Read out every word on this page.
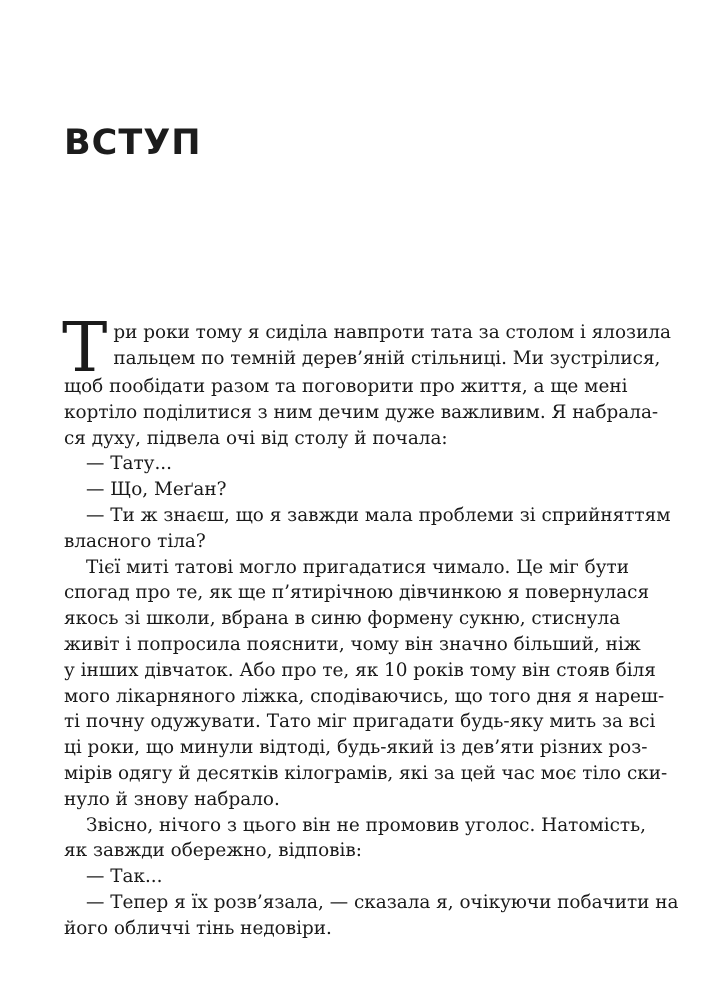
ВСТУП
Т ри роки тому я сиділа навпроти тата за столом і ялозила
пальцем по темній дерев’яній стільниці. Ми зустрілися,
щоб пообідати разом та поговорити про життя, а ще мені
кортіло поділитися з ним дечим дуже важливим. Я набрала-
ся духу, підвела очі від столу й почала:

— Тату...

— Що, Меґан?

— Ти ж знаєш, що я завжди мала проблеми зі сприйняттям

власного тіла?

Тієї миті татові могло пригадатися чимало. Це міг бути

спогад про те, як ще п’ятирічною дівчинкою я повернулася

якось зі школи, вбрана в синю формену сукню, стиснула

живіт і попросила пояснити, чому він значно більший, ніж

у інших дівчаток. Або про те, як 10 років тому він стояв біля

мого лікарняного ліжка, сподіваючись, що того дня я нареш-

ті почну одужувати. Тато міг пригадати будь-яку мить за всі

ці роки, що минули відтоді, будь-який із дев’яти різних роз-

мірів одягу й десятків кілограмів, які за цей час моє тіло ски-

нуло й знову набрало.

Звісно, нічого з цього він не промовив уголос. Натомість,

як завжди обережно, відповів:

— Так...

— Тепер я їх розв’язала, — сказала я, очікуючи побачити на

його обличчі тінь недовіри.
